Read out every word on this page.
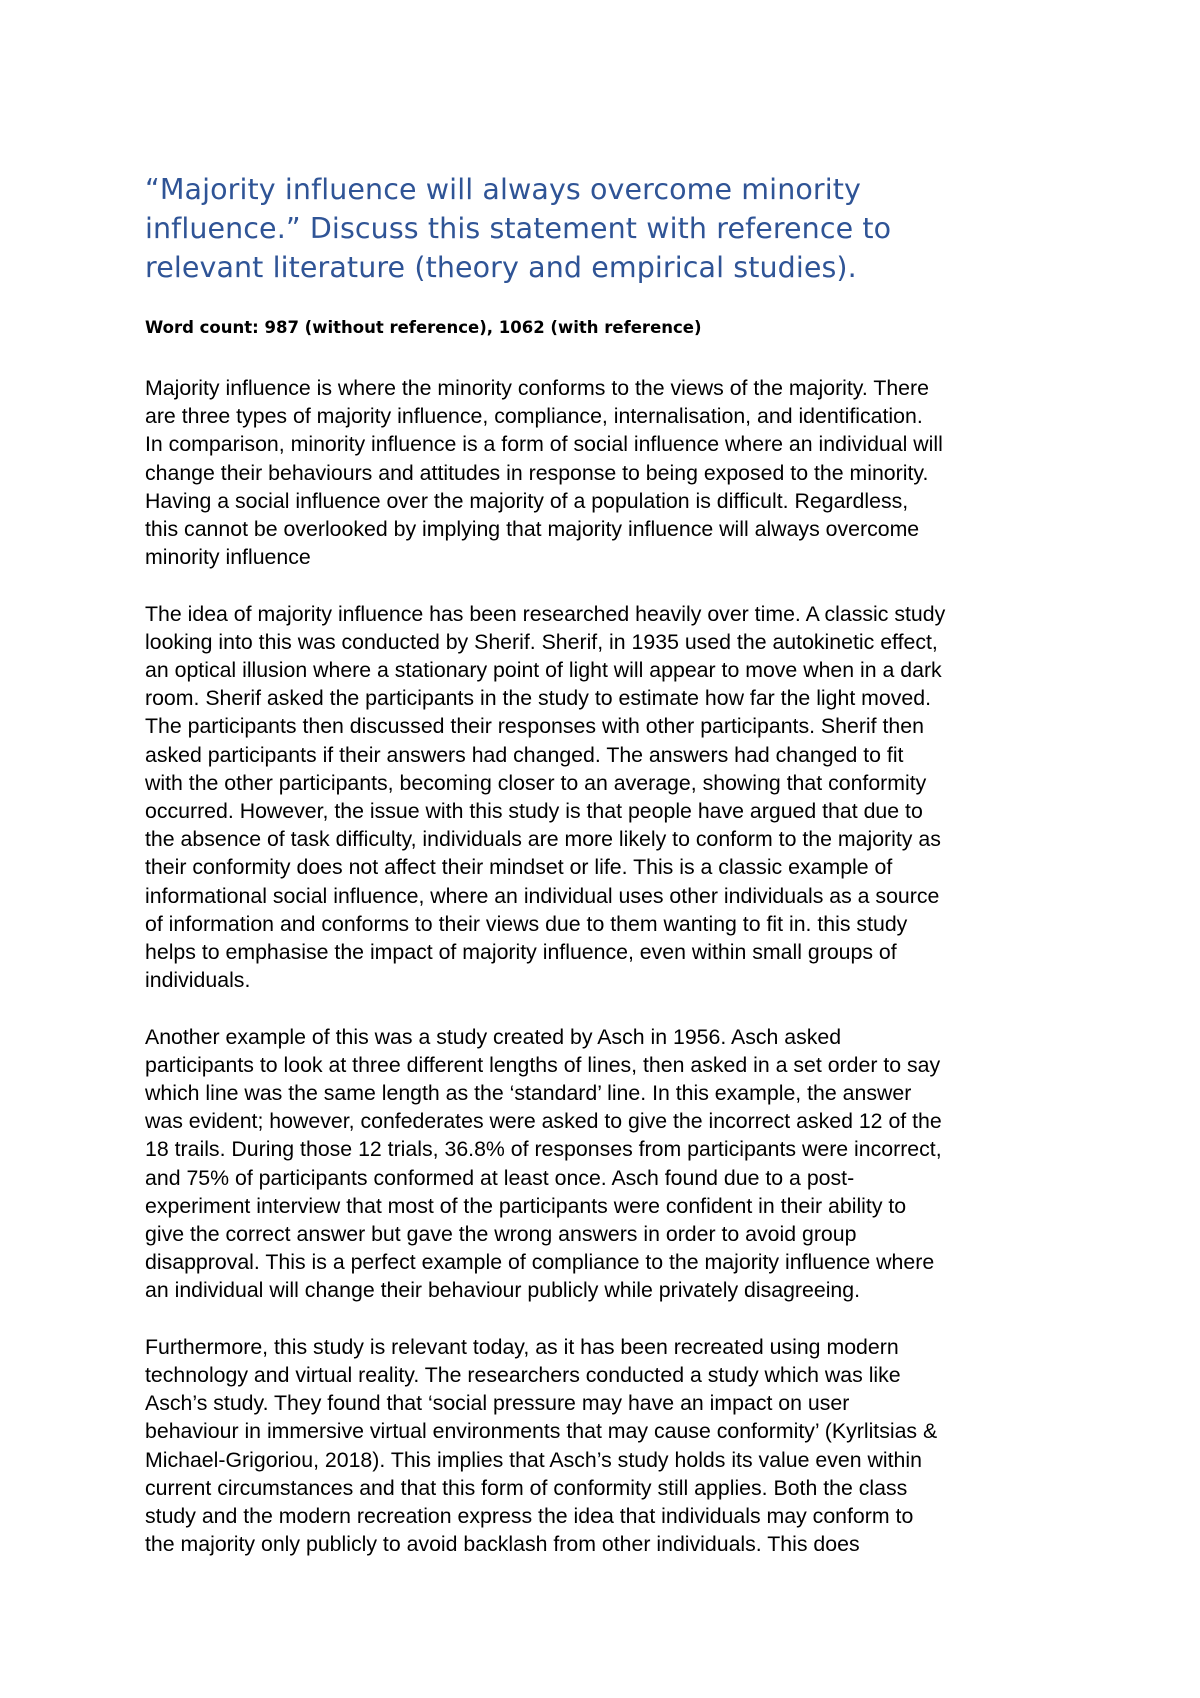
“Majority influence will always overcome minority
influence.” Discuss this statement with reference to
relevant literature (theory and empirical studies).

Word count: 987 (without reference), 1062 (with reference)

Majority influence is where the minority conforms to the views of the majority. There
are three types of majority influence, compliance, internalisation, and identification.
In comparison, minority influence is a form of social influence where an individual will
change their behaviours and attitudes in response to being exposed to the minority.
Having a social influence over the majority of a population is difficult. Regardless,
this cannot be overlooked by implying that majority influence will always overcome
minority influence

The idea of majority influence has been researched heavily over time. A classic study
looking into this was conducted by Sherif. Sherif, in 1935 used the autokinetic effect,
an optical illusion where a stationary point of light will appear to move when in a dark
room. Sherif asked the participants in the study to estimate how far the light moved.
The participants then discussed their responses with other participants. Sherif then
asked participants if their answers had changed. The answers had changed to fit
with the other participants, becoming closer to an average, showing that conformity
occurred. However, the issue with this study is that people have argued that due to
the absence of task difficulty, individuals are more likely to conform to the majority as
their conformity does not affect their mindset or life. This is a classic example of
informational social influence, where an individual uses other individuals as a source
of information and conforms to their views due to them wanting to fit in. this study
helps to emphasise the impact of majority influence, even within small groups of
individuals.

Another example of this was a study created by Asch in 1956. Asch asked
participants to look at three different lengths of lines, then asked in a set order to say
which line was the same length as the ‘standard’ line. In this example, the answer
was evident; however, confederates were asked to give the incorrect asked 12 of the
18 trails. During those 12 trials, 36.8% of responses from participants were incorrect,
and 75% of participants conformed at least once. Asch found due to a post-
experiment interview that most of the participants were confident in their ability to
give the correct answer but gave the wrong answers in order to avoid group
disapproval. This is a perfect example of compliance to the majority influence where
an individual will change their behaviour publicly while privately disagreeing.

Furthermore, this study is relevant today, as it has been recreated using modern
technology and virtual reality. The researchers conducted a study which was like
Asch’s study. They found that ‘social pressure may have an impact on user
behaviour in immersive virtual environments that may cause conformity’ (Kyrlitsias &
Michael-Grigoriou, 2018). This implies that Asch’s study holds its value even within
current circumstances and that this form of conformity still applies. Both the class
study and the modern recreation express the idea that individuals may conform to
the majority only publicly to avoid backlash from other individuals. This does
